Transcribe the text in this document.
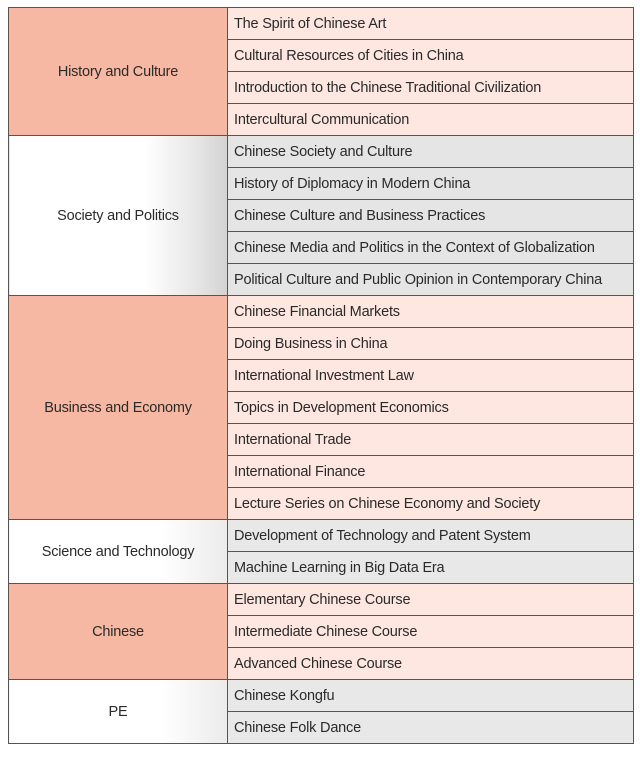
History and Culture	The Spirit of Chinese Art
	Cultural Resources of Cities in China
	Introduction to the Chinese Traditional Civilization
	Intercultural Communication
Society and Politics	Chinese Society and Culture
	History of Diplomacy in Modern China
	Chinese Culture and Business Practices
	Chinese Media and Politics in the Context of Globalization
	Political Culture and Public Opinion in Contemporary China
Business and Economy	Chinese Financial Markets
	Doing Business in China
	International Investment Law
	Topics in Development Economics
	International Trade
	International Finance
	Lecture Series on Chinese Economy and Society
Science and Technology	Development of Technology and Patent System
	Machine Learning in Big Data Era
Chinese	Elementary Chinese Course
	Intermediate Chinese Course
	Advanced Chinese Course
PE	Chinese Kongfu
	Chinese Folk Dance
